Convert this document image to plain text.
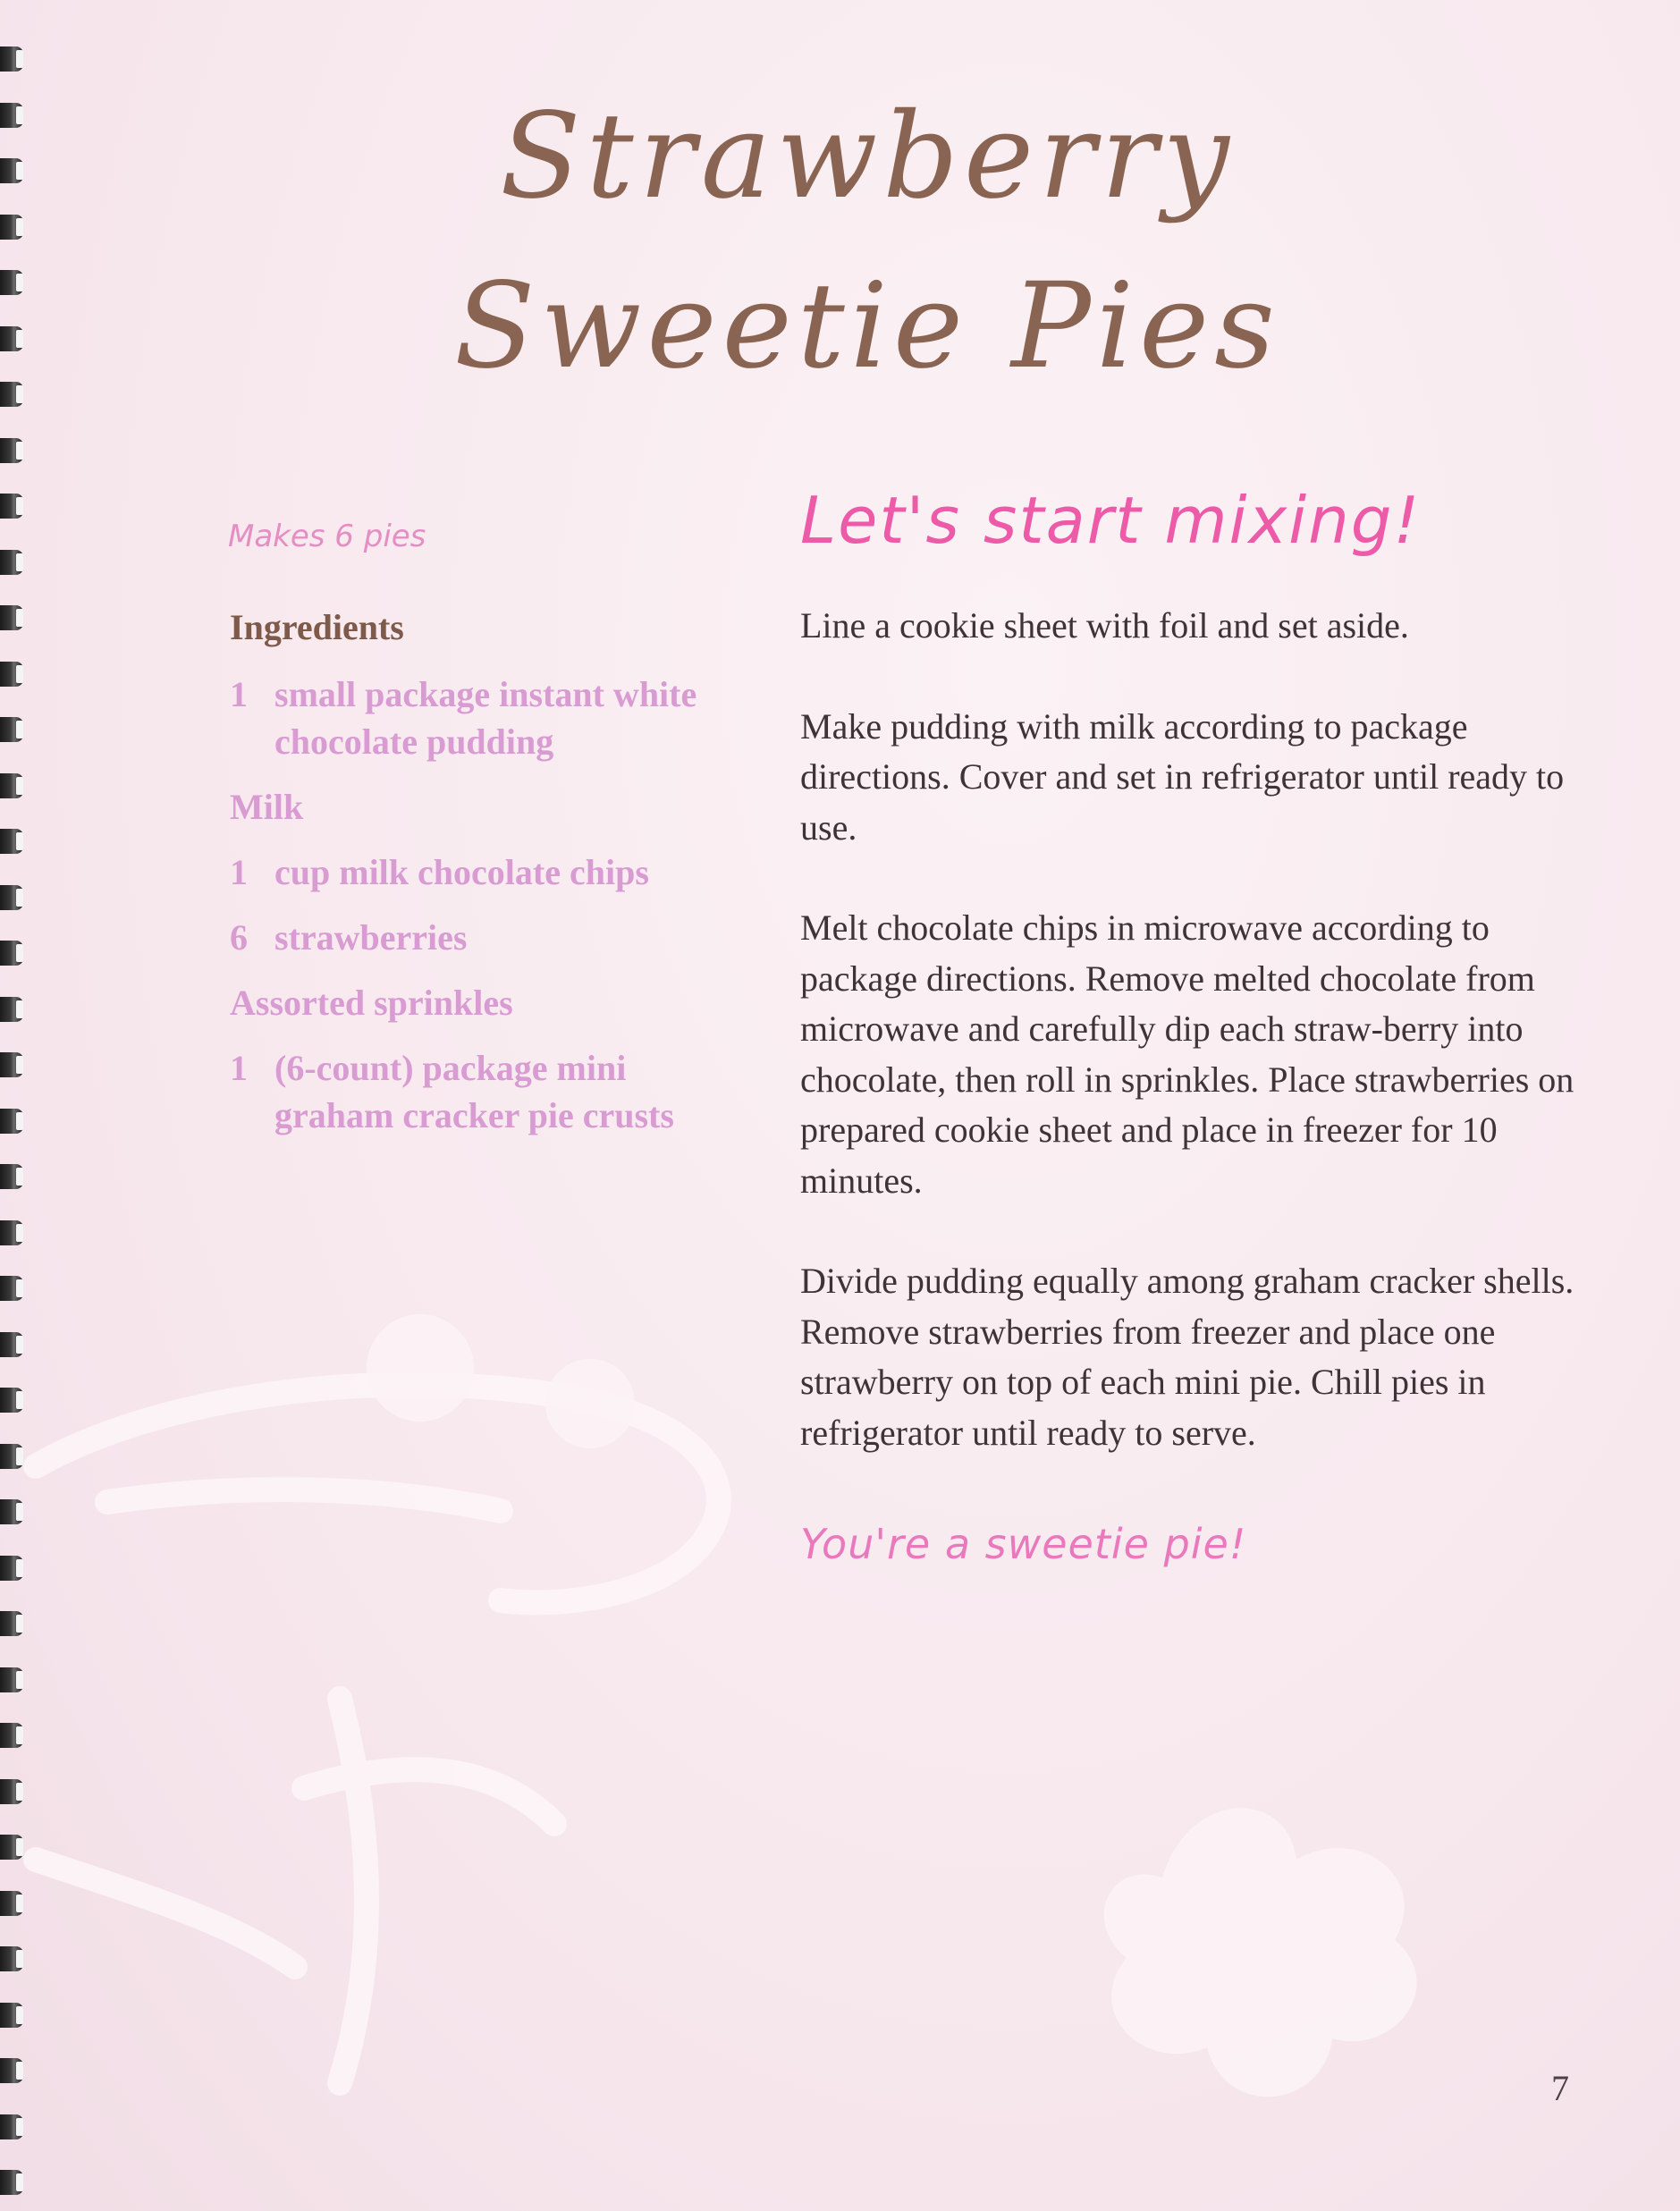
Strawberry
Sweetie Pies
Makes 6 pies
Ingredients
1 small package instant white chocolate pudding
Milk
1 cup milk chocolate chips
6 strawberries
Assorted sprinkles
1 (6-count) package mini graham cracker pie crusts
Let's start mixing!

Line a cookie sheet with foil and set aside.

Make pudding with milk according to package directions. Cover and set in refrigerator until ready to use.

Melt chocolate chips in microwave according to package directions. Remove melted chocolate from microwave and carefully dip each straw-berry into chocolate, then roll in sprinkles. Place strawberries on prepared cookie sheet and place in freezer for 10 minutes.

Divide pudding equally among graham cracker shells. Remove strawberries from freezer and place one strawberry on top of each mini pie. Chill pies in refrigerator until ready to serve.

You're a sweetie pie!
7
